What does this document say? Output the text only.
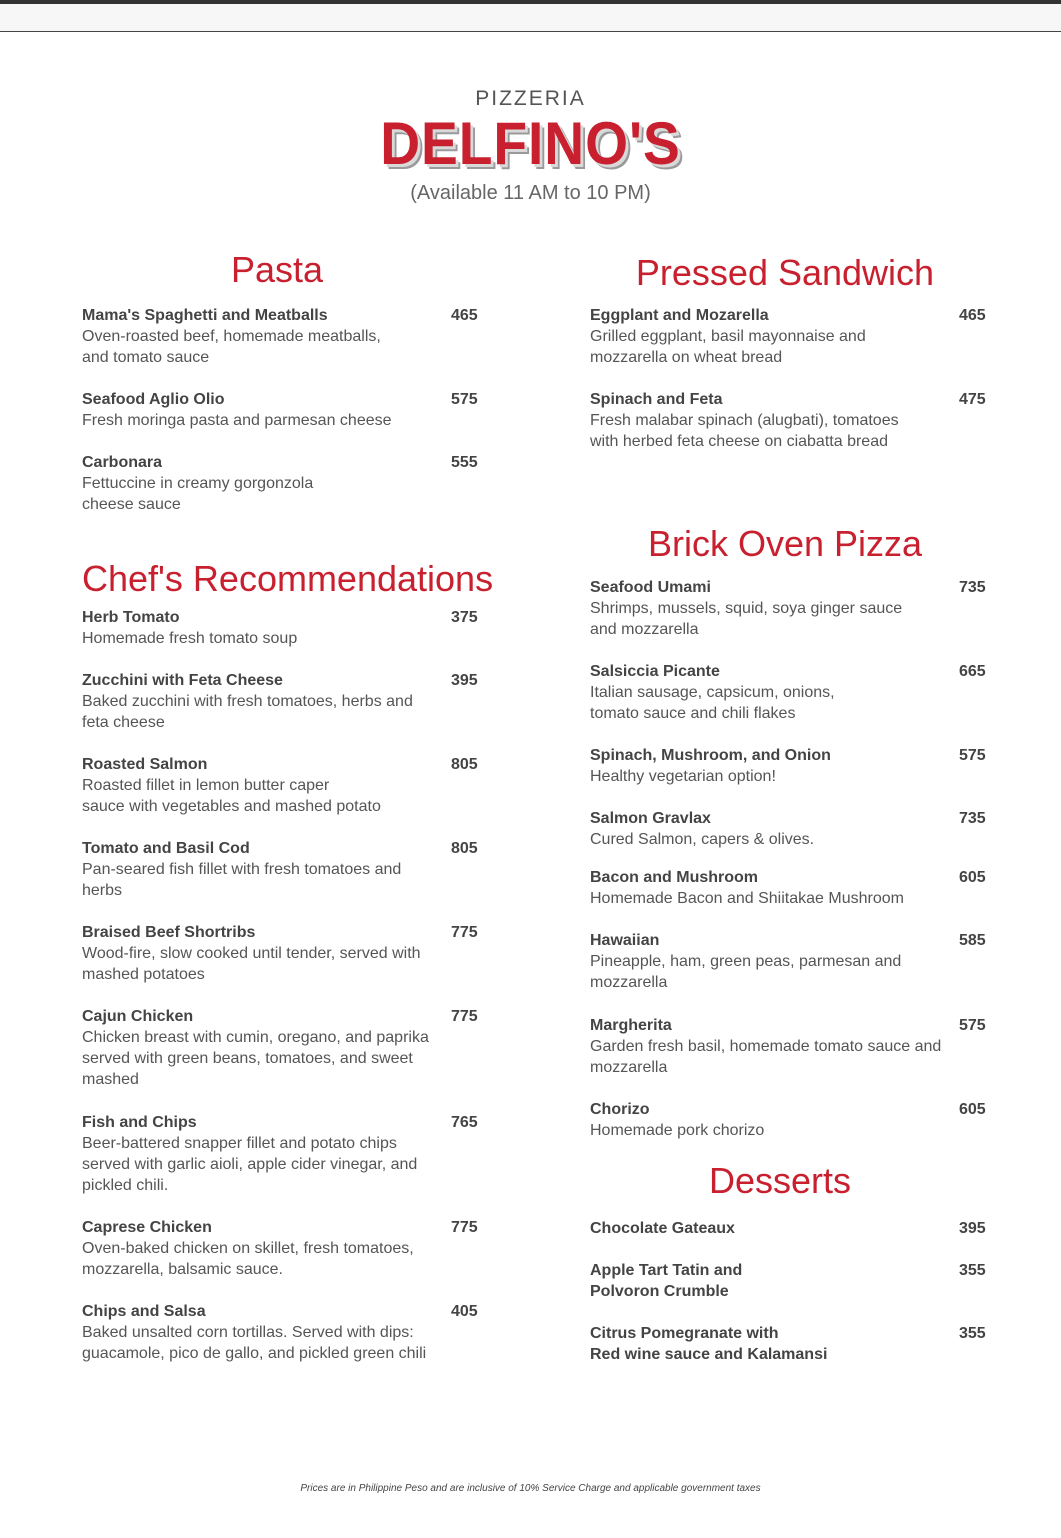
PIZZERIA
DELFINO'S
(Available 11 AM to 10 PM)
Pasta
Mama's Spaghetti and Meatballs
Oven-roasted beef, homemade meatballs,
and tomato sauce
465
Seafood Aglio Olio
Fresh moringa pasta and parmesan cheese
575
Carbonara
Fettuccine in creamy gorgonzola
cheese sauce
555
Chef's Recommendations
Herb Tomato
Homemade fresh tomato soup
375
Zucchini with Feta Cheese
Baked zucchini with fresh tomatoes, herbs and
feta cheese
395
Roasted Salmon
Roasted fillet in lemon butter caper
sauce with vegetables and mashed potato
805
Tomato and Basil Cod
Pan-seared fish fillet with fresh tomatoes and
herbs
805
Braised Beef Shortribs
Wood-fire, slow cooked until tender, served with
mashed potatoes
775
Cajun Chicken
Chicken breast with cumin, oregano, and paprika
served with green beans, tomatoes, and sweet
mashed
775
Fish and Chips
Beer-battered snapper fillet and potato chips
served with garlic aioli, apple cider vinegar, and
pickled chili.
765
Caprese Chicken
Oven-baked chicken on skillet, fresh tomatoes,
mozzarella, balsamic sauce.
775
Chips and Salsa
Baked unsalted corn tortillas. Served with dips:
guacamole, pico de gallo, and pickled green chili
405
Pressed Sandwich
Eggplant and Mozarella
Grilled eggplant, basil mayonnaise and
mozzarella on wheat bread
465
Spinach and Feta
Fresh malabar spinach (alugbati), tomatoes
with herbed feta cheese on ciabatta bread
475
Brick Oven Pizza
Seafood Umami
Shrimps, mussels, squid, soya ginger sauce
and mozzarella
735
Salsiccia Picante
Italian sausage, capsicum, onions,
tomato sauce and chili flakes
665
Spinach, Mushroom, and Onion
Healthy vegetarian option!
575
Salmon Gravlax
Cured Salmon, capers & olives.
735
Bacon and Mushroom
Homemade Bacon and Shiitakae Mushroom
605
Hawaiian
Pineapple, ham, green peas, parmesan and
mozzarella
585
Margherita
Garden fresh basil, homemade tomato sauce and
mozzarella
575
Chorizo
Homemade pork chorizo
605
Desserts
Chocolate Gateaux	395
Apple Tart Tatin and
Polvoron Crumble
355
Citrus Pomegranate with
Red wine sauce and Kalamansi
355
Prices are in Philippine Peso and are inclusive of 10% Service Charge and applicable government taxes
